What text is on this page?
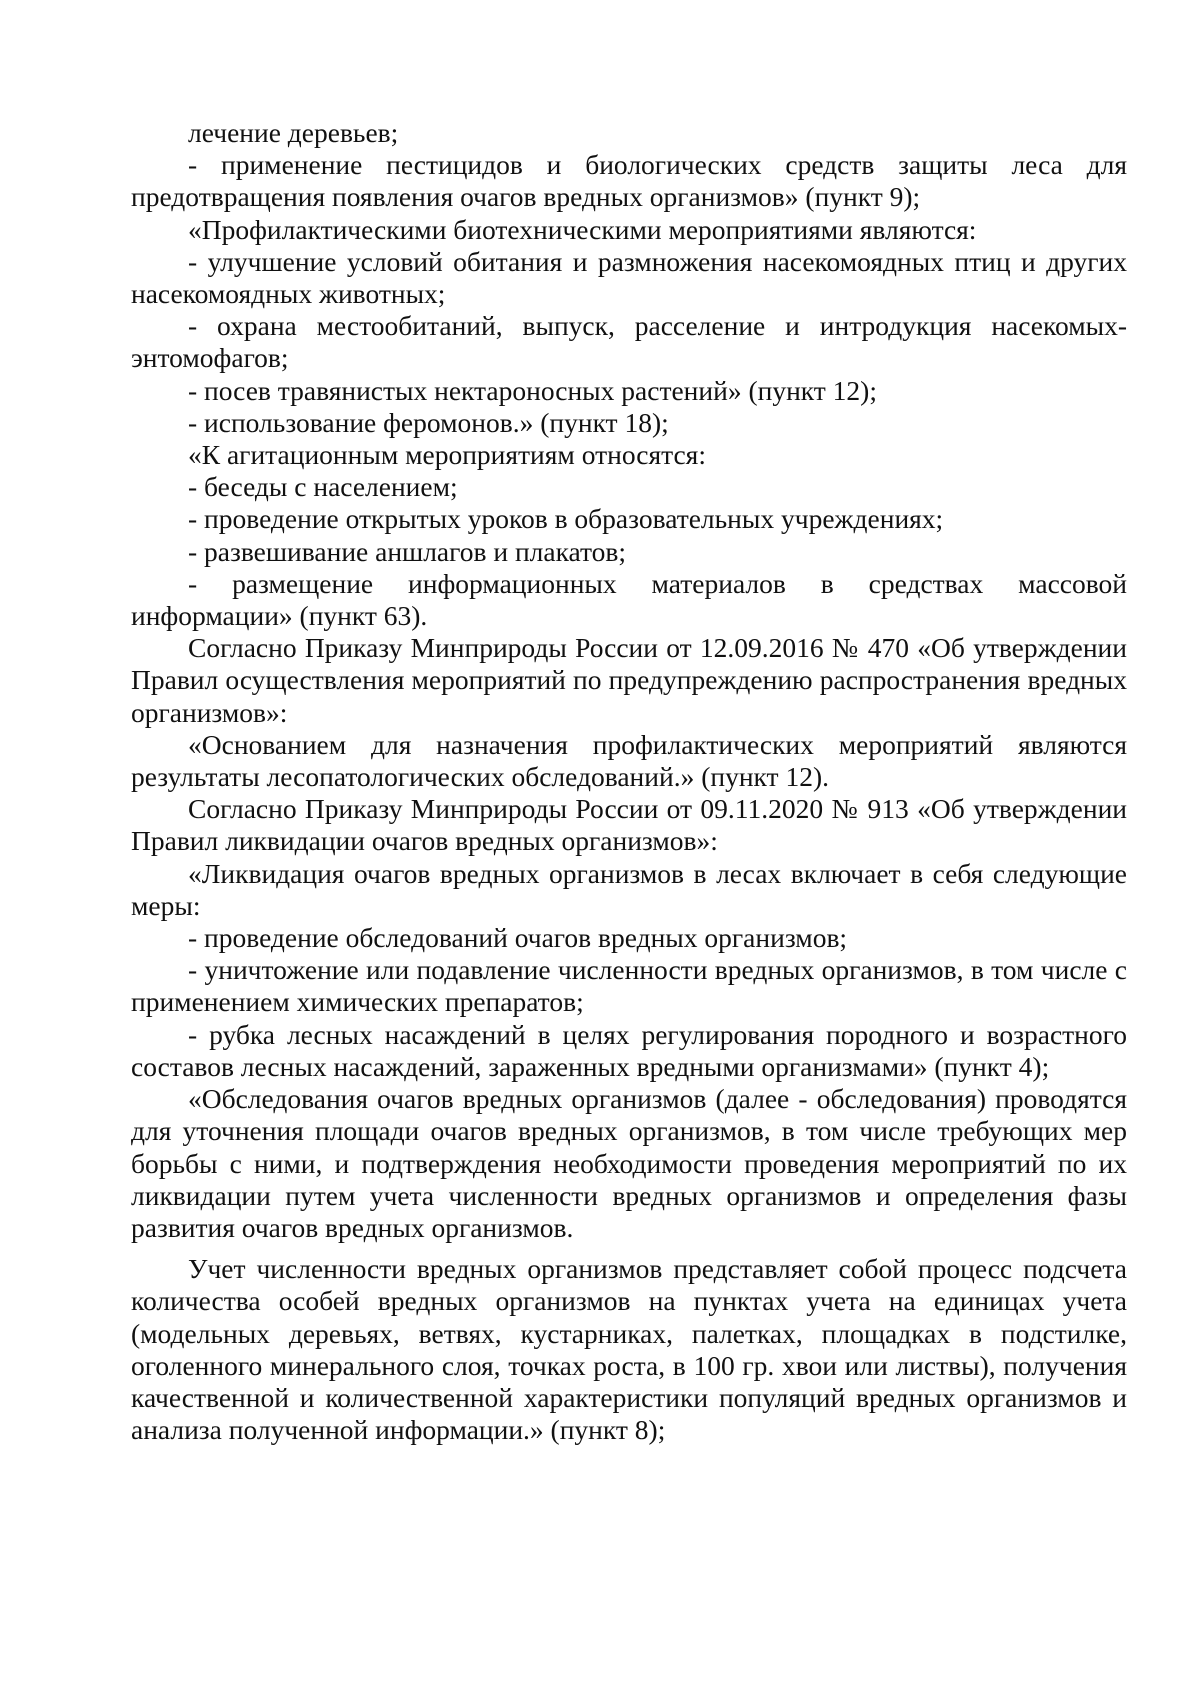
лечение деревьев;

- применение пестицидов и биологических средств защиты леса для предотвращения появления очагов вредных организмов» (пункт 9);

«Профилактическими биотехническими мероприятиями являются:

- улучшение условий обитания и размножения насекомоядных птиц и других насекомоядных животных;

- охрана местообитаний, выпуск, расселение и интродукция насекомых-энтомофагов;

- посев травянистых нектароносных растений» (пункт 12);

- использование феромонов.» (пункт 18);

«К агитационным мероприятиям относятся:

- беседы с населением;

- проведение открытых уроков в образовательных учреждениях;

- развешивание аншлагов и плакатов;

- размещение информационных материалов в средствах массовой информации» (пункт 63).

Согласно Приказу Минприроды России от 12.09.2016 № 470 «Об утверждении Правил осуществления мероприятий по предупреждению распространения вредных организмов»:

«Основанием для назначения профилактических мероприятий являются результаты лесопатологических обследований.» (пункт 12).

Согласно Приказу Минприроды России от 09.11.2020 № 913 «Об утверждении Правил ликвидации очагов вредных организмов»:

«Ликвидация очагов вредных организмов в лесах включает в себя следующие меры:

- проведение обследований очагов вредных организмов;

- уничтожение или подавление численности вредных организмов, в том числе с применением химических препаратов;

- рубка лесных насаждений в целях регулирования породного и возрастного составов лесных насаждений, зараженных вредными организмами» (пункт 4);

«Обследования очагов вредных организмов (далее - обследования) проводятся для уточнения площади очагов вредных организмов, в том числе требующих мер борьбы с ними, и подтверждения необходимости проведения мероприятий по их ликвидации путем учета численности вредных организмов и определения фазы развития очагов вредных организмов.

Учет численности вредных организмов представляет собой процесс подсчета количества особей вредных организмов на пунктах учета на единицах учета (модельных деревьях, ветвях, кустарниках, палетках, площадках в подстилке, оголенного минерального слоя, точках роста, в 100 гр. хвои или листвы), получения качественной и количественной характеристики популяций вредных организмов и анализа полученной информации.» (пункт 8);
